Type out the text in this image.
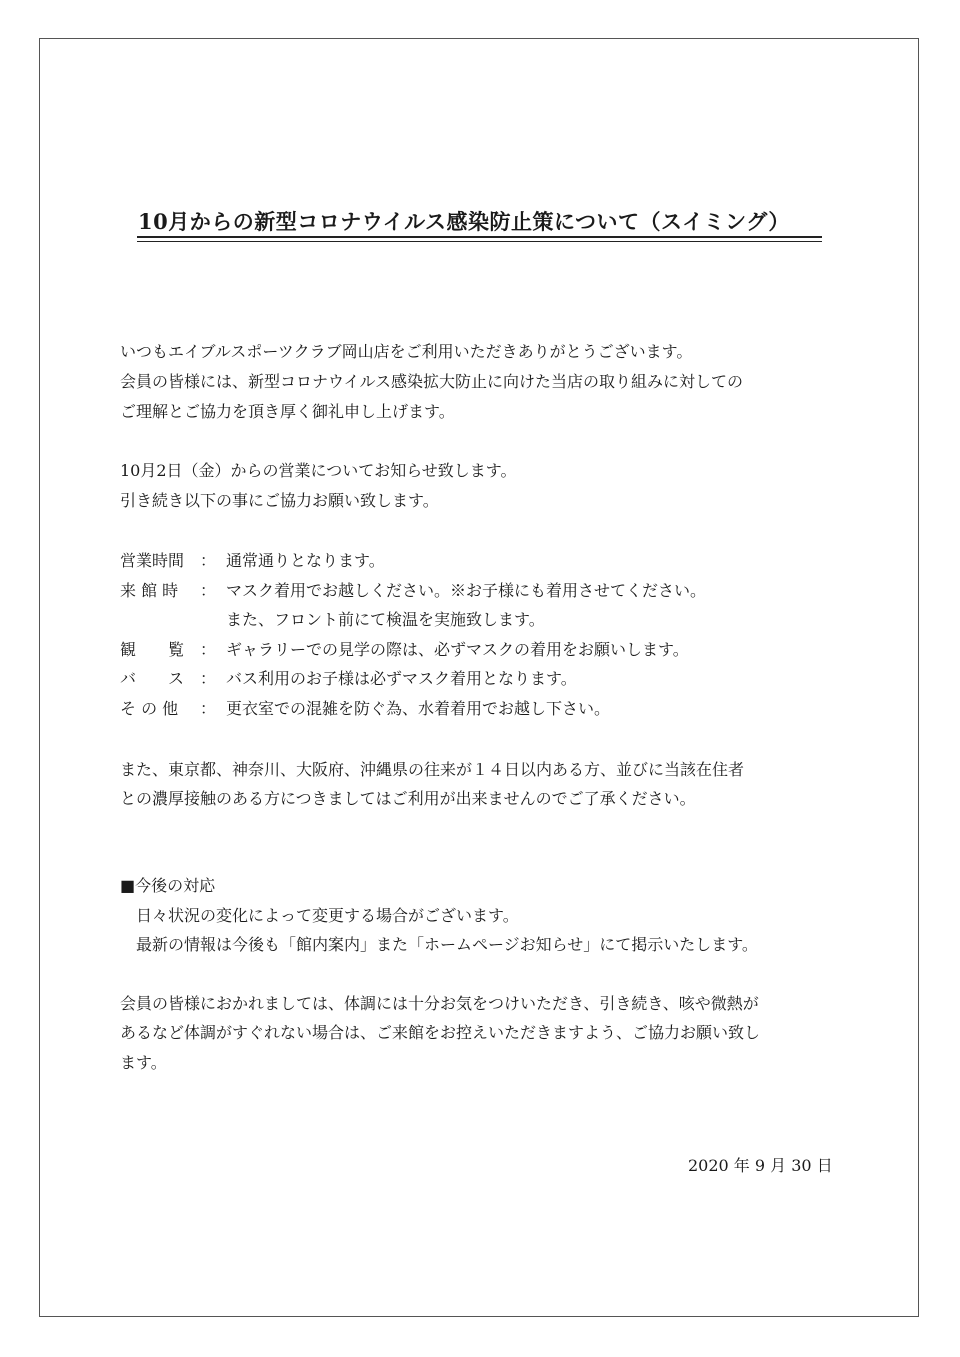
10月からの新型コロナウイルス感染防止策について（スイミング）
いつもエイブルスポーツクラブ岡山店をご利用いただきありがとうございます。
会員の皆様には、新型コロナウイルス感染拡大防止に向けた当店の取り組みに対しての
ご理解とご協力を頂き厚く御礼申し上げます。
10月2日（金）からの営業についてお知らせ致します。
引き続き以下の事にご協力お願い致します。
営業時間 ： 通常通りとなります。
来 館 時 ： マスク着用でお越しください。※お子様にも着用させてください。
また、フロント前にて検温を実施致します。
観　　覧 ： ギャラリーでの見学の際は、必ずマスクの着用をお願いします。
バ　　ス ： バス利用のお子様は必ずマスク着用となります。
そ の 他 ： 更衣室での混雑を防ぐ為、水着着用でお越し下さい。
また、東京都、神奈川、大阪府、沖縄県の往来が１４日以内ある方、並びに当該在住者
との濃厚接触のある方につきましてはご利用が出来ませんのでご了承ください。
■今後の対応
日々状況の変化によって変更する場合がございます。
最新の情報は今後も「館内案内」また「ホームページお知らせ」にて掲示いたします。
会員の皆様におかれましては、体調には十分お気をつけいただき、引き続き、咳や微熱が
あるなど体調がすぐれない場合は、ご来館をお控えいただきますよう、ご協力お願い致し
ます。
2020 年 9 月 30 日
